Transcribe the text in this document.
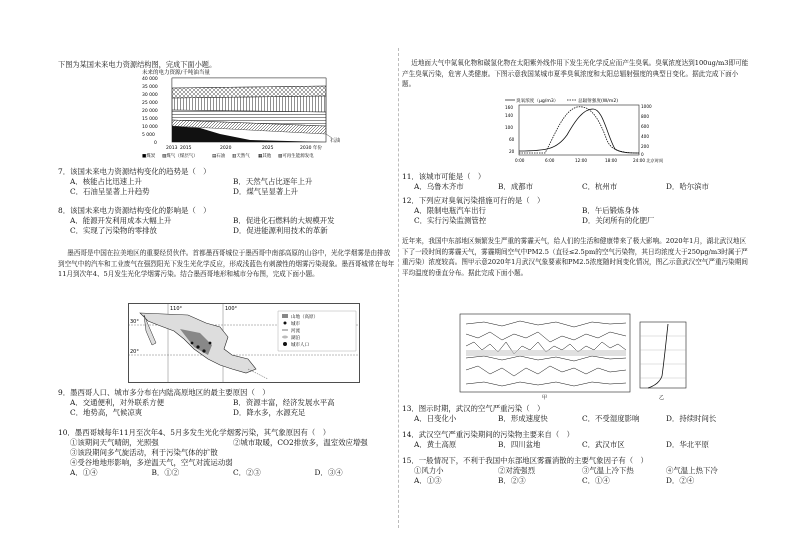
下图为某国未来电力资源结构图，完成下面小题。

未来的电力资源/千吨油当量
40 000
35 000
30 000
25 000
20 000
15 000
10 000
5 000
0	石油
2013 2015	2020	2025	2030 年份
■煤炭 ▨煤气（煤层气）	▤石油 ▥天然气 ▦其他 ▧可再生能源发电

7．该国未来电力资源结构变化的趋势是（　）

A．核能占比迅速上升	B．天然气占比逐年上升
C．石油呈显著上升趋势	D．煤气呈显著上升

8．该国未来电力资源结构变化的影响是（　）

A．能源开发利用成本大幅上升	B．促进化石燃料的大规模开发
C．实现了污染物的零排放	D．促进能源利用技术的革新

墨西哥是中国在拉美地区的重要经贸伙伴。首都墨西哥城位于墨西哥中南部高原的山谷中，光化学烟雾是由排放到空气中的汽车和工业废气在强烈阳光下发生光化学反应，形成浅蓝色有刺激性的烟雾污染现象。墨西哥城常在每年11月到次年4、5月发生光化学烟雾污染。结合墨西哥地形和城市分布图，完成下面小题。

110°	100°
30°
20°
山地（高原）
城市
河流
湖泊
城市人口

9．墨西哥人口、城市多分布在内陆高原地区的最主要原因（　）

A．交通便利，对外联系方便	B．资源丰富，经济发展水平高
C．地势高，气候凉爽	D．降水多，水源充足

10．墨西哥城每年11月至次年4、5月多发生光化学烟雾污染，其气象原因有（　）

①该期间天气晴朗，光照强	②城市取暖，CO2排放多，温室效应增强
③该段期间多气旋活动，利于污染气体的扩散
④受谷地地形影响，多逆温天气，空气对流运动弱
A．①④	B．①②	C．②③	D．③④

近地面大气中氮氧化物和碳氢化物在太阳紫外线作用下发生光化学反应而产生臭氧。臭氧浓度达到100ug/m3即可能产生臭氧污染，危害人类健康。下图示意我国某城市夏季臭氧浓度和太阳总辐射强度的典型日变化。据此完成下面小题。

臭氧浓度（μg/m3）	总辐射强度(W/m2)
160
140
100
60
20
1000
800
600
400
200
0
0:00	6:00	12:00	18:00	24:00 北京时间

11．该城市可能是（　）

A．乌鲁木齐市	B．成都市	C．杭州市	D．哈尔滨市

12．下列应对臭氧污染措施可行的是（　）

A．限制电瓶汽车出行	B．午后锻炼身体
C．实行污染监测管控	D．关闭所有的化肥厂

近年来，我国中东部地区频繁发生严重的雾霾天气，给人们的生活和健康带来了极大影响。2020年1月，湖北武汉地区下了一段时间的雾霾天气，雾霾期间空气中PM2.5（直径≤2.5pm的空气污染物，其日均浓度大于250μg/m3时属于严重污染）浓度较高。图甲示意2020年1月武汉气象要素和PM2.5浓度随时间变化情况，图乙示意武汉空气严重污染期间平均温度的垂直分布。据此完成下面小题。

甲	乙

13．图示时期，武汉的空气严重污染（　）

A．日变化小	B．形成速度快	C．不受湿度影响	D．持续时间长

14．武汉空气严重污染期间的污染物主要来自（　）

A．黄土高原	B．四川盆地	C．武汉市区	D．华北平原

15．一般情况下，不利于我国中东部地区雾霾消散的主要气象因子有（　）

①风力小	②对流强烈	③气温上冷下热	④气温上热下冷
A．①③	B．②③	C．①④	D．②④
